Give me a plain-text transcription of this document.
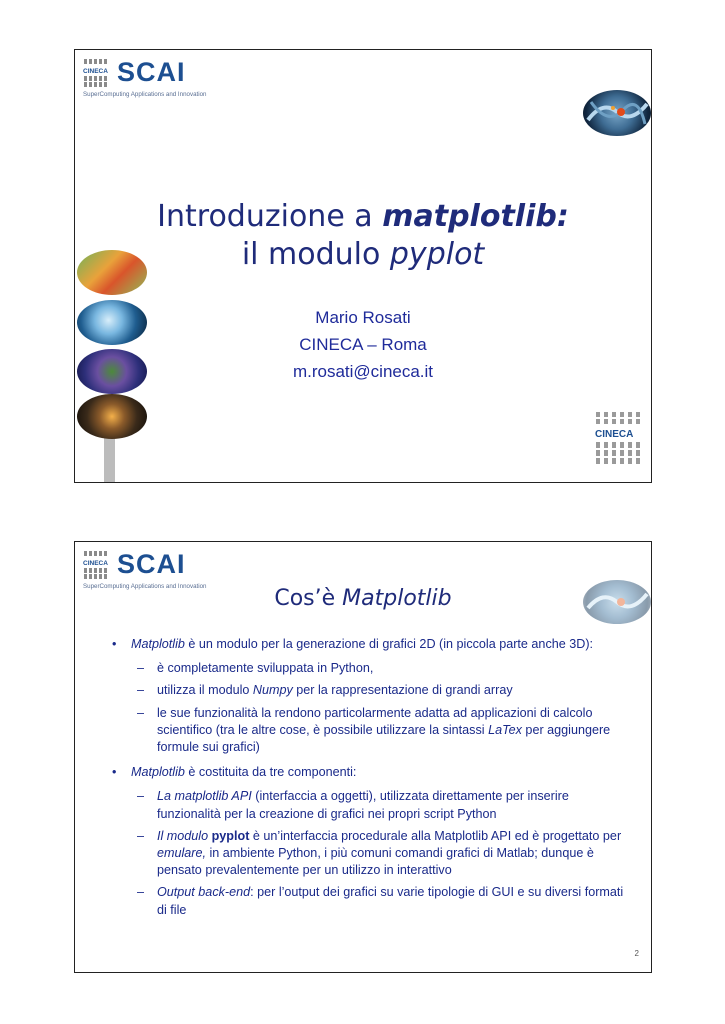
CINECA SCAI
SuperComputing Applications and Innovation
Introduzione a matplotlib:
il modulo pyplot
Mario Rosati
CINECA – Roma
m.rosati@cineca.it
CINECA
CINECA SCAI
SuperComputing Applications and Innovation	Cos’è Matplotlib
• Matplotlib è un modulo per la generazione di grafici 2D (in piccola parte anche 3D):
– è completamente sviluppata in Python,
– utilizza il modulo Numpy per la rappresentazione di grandi array
– le sue funzionalità la rendono particolarmente adatta ad applicazioni di calcolo scientifico (tra le altre cose, è possibile utilizzare la sintassi LaTex per aggiungere formule sui grafici)
• Matplotlib è costituita da tre componenti:
– La matplotlib API (interfaccia a oggetti), utilizzata direttamente per inserire funzionalità per la creazione di grafici nei propri script Python
– Il modulo pyplot è un’interfaccia procedurale alla Matplotlib API ed è progettato per emulare, in ambiente Python, i più comuni comandi grafici di Matlab; dunque è pensato prevalentemente per un utilizzo in interattivo
– Output back-end: per l’output dei grafici su varie tipologie di GUI e su diversi formati di file
2
